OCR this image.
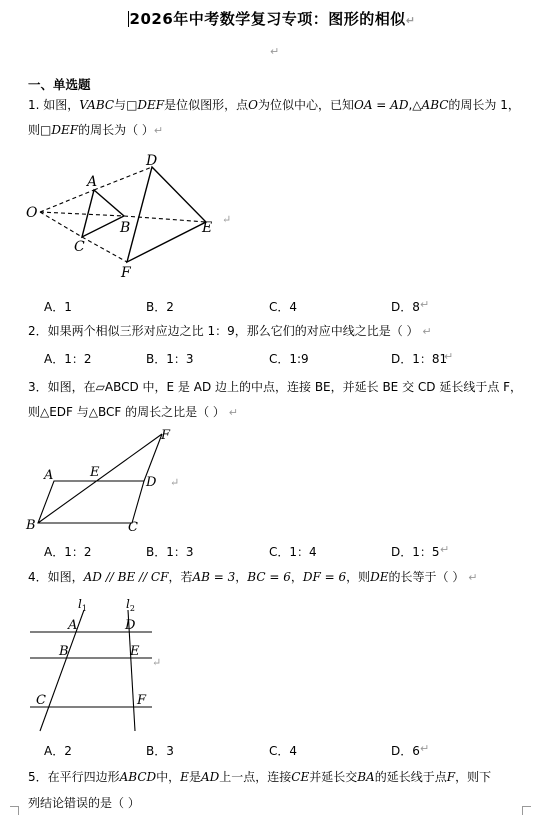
2026年中考数学复习专项：图形的相似↵
↵
一、单选题
1. 如图，VABC与□DEF是位似图形，点O为位似中心，已知OA = AD,△ABC的周长为 1，
则□DEF的周长为（ ）↵
O
A
B
C
D
E
F
↵
A．1	B．2	C．4	D．8 ↵
2．如果两个相似三形对应边之比 1：9，那么它们的对应中线之比是（ ） ↵
A．1：2	B．1：3	C．1:9	D．1：81
↵
3．如图，在▱ABCD 中，E 是 AD 边上的中点，连接 BE，并延长 BE 交 CD 延长线于点 F，
则△EDF 与△BCF 的周长之比是（ ） ↵
A	E
B	C
D
F
↵
A．1：2	B．1：3	C．1：4	D．1：5 ↵
4．如图，AD // BE // CF，若AB = 3，BC = 6，DF = 6，则DE的长等于（ ） ↵
$l_1$	$l_2$
A
B
C
D
E
F
↵
A．2	B．3	C．4	D．6 ↵
5．在平行四边形ABCD中，E是AD上一点，连接CE并延长交BA的延长线于点F，则下
列结论错误的是（ ）
